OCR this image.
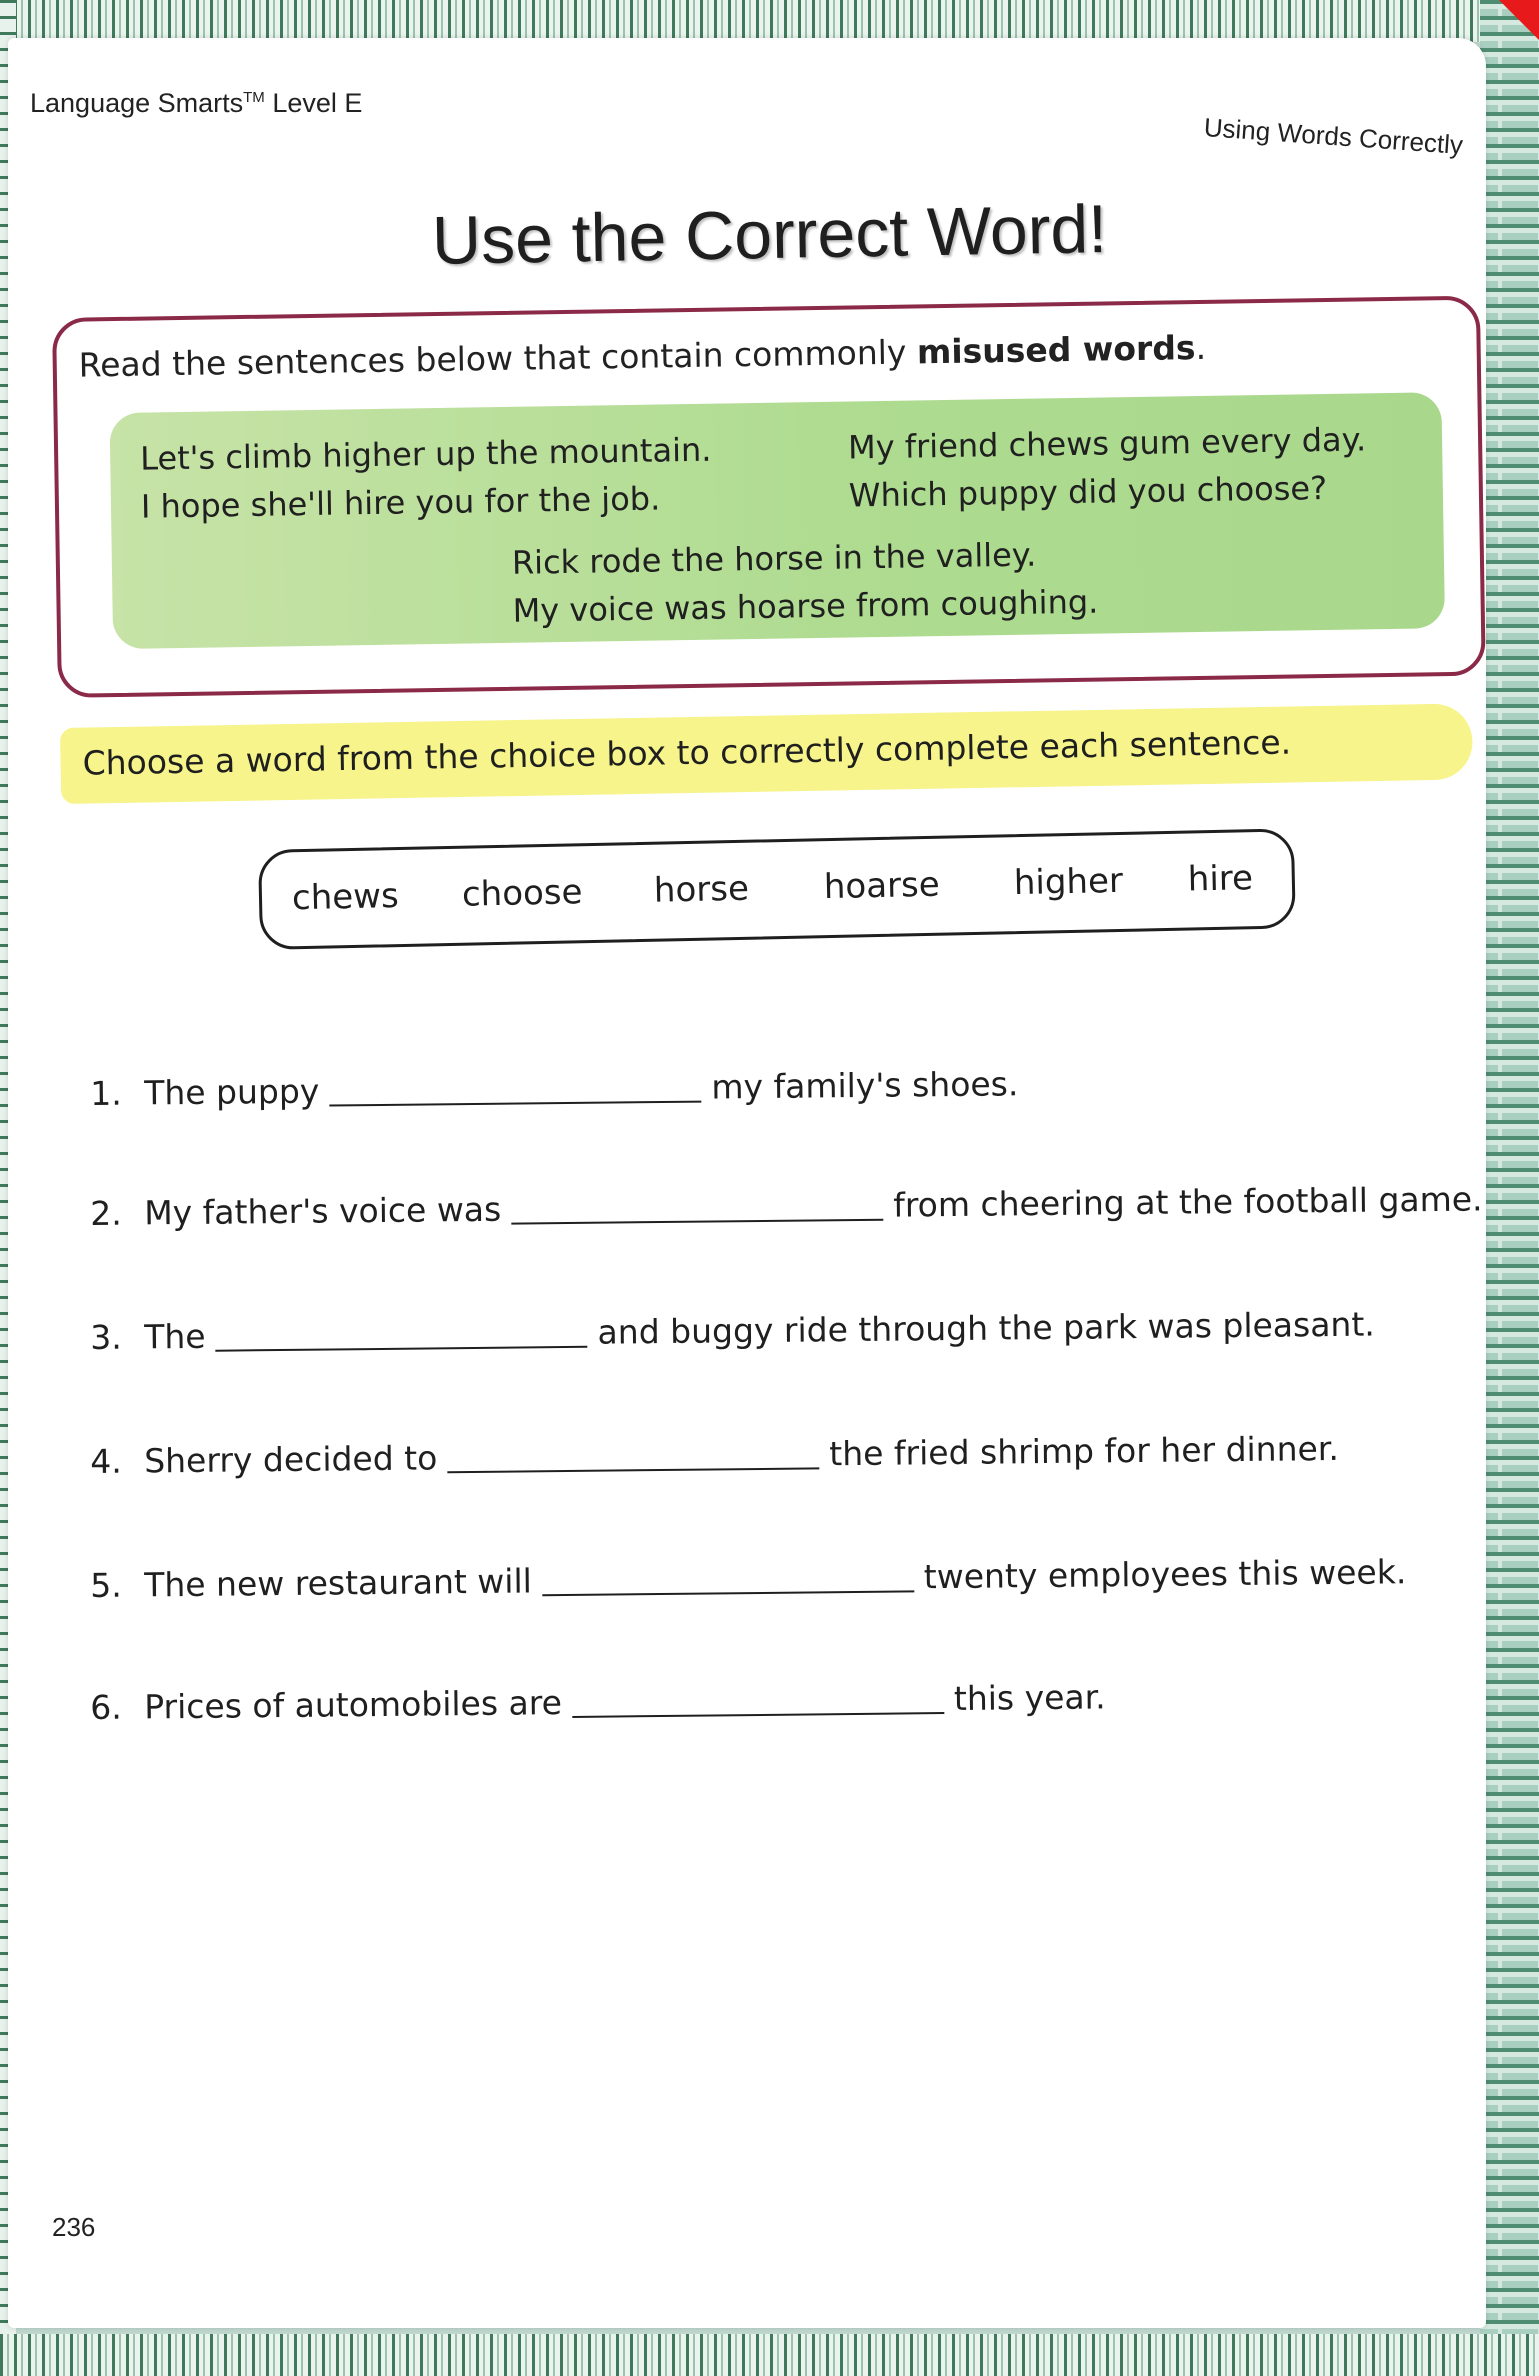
Language Smarts™ Level E
Using Words Correctly
Use the Correct Word!
Read the sentences below that contain commonly misused words.
Let's climb higher up the mountain.
I hope she'll hire you for the job.
My friend chews gum every day.
Which puppy did you choose?
Rick rode the horse in the valley.
My voice was hoarse from coughing.
Choose a word from the choice box to correctly complete each sentence.
chews choose horse hoarse higher hire
1. The puppy	my family's shoes.
2. My father's voice was	from cheering at the football game.
3. The	and buggy ride through the park was pleasant.
4. Sherry decided to	the fried shrimp for her dinner.
5. The new restaurant will	twenty employees this week.
6. Prices of automobiles are	this year.
236
